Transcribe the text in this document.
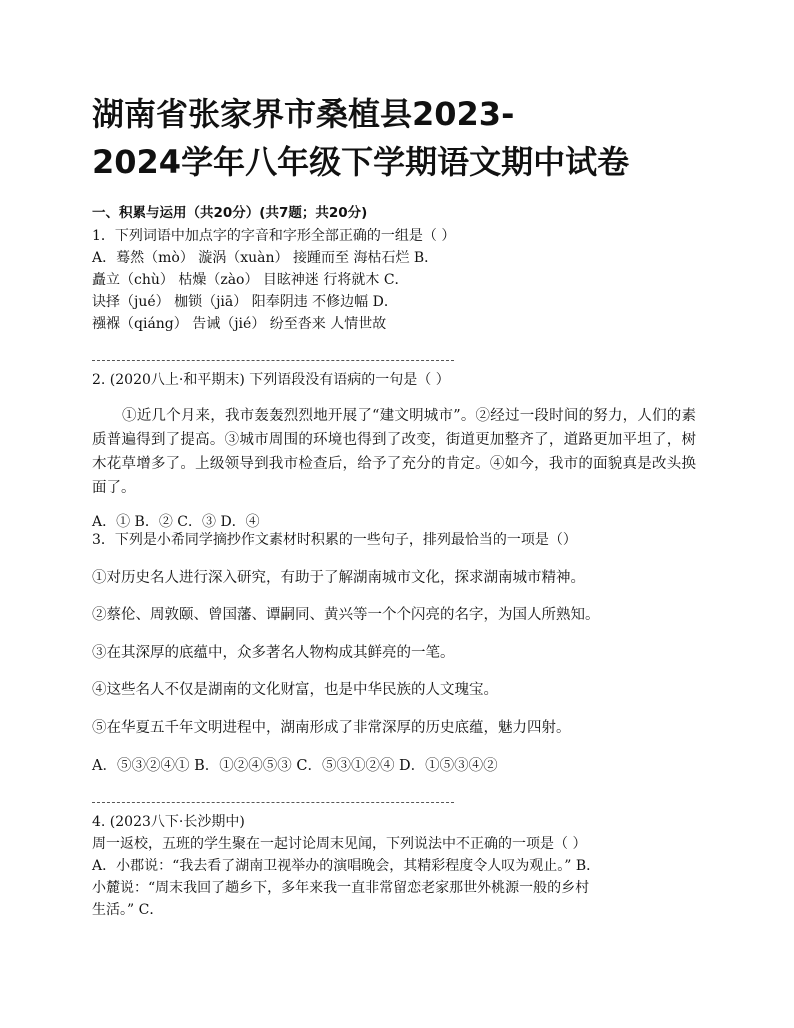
湖南省张家界市桑植县2023-
2024学年八年级下学期语文期中试卷
一、积累与运用（共20分）(共7题；共20分)
1．下列词语中加点字的字音和字形全部正确的一组是（ ）
A．蓦然（mò） 漩涡（xuàn） 接踵而至 海枯石烂 B．
矗立（chù） 枯燥（zào） 目眩神迷 行将就木 C．
诀择（jué） 枷锁（jiā） 阳奉阴违 不修边幅 D．
襁褓（qiáng） 告诫（jié） 纷至沓来 人情世故
2. (2020八上·和平期末) 下列语段没有语病的一句是（ ）
①近几个月来，我市轰轰烈烈地开展了“建文明城市”。②经过一段时间的努力，人们的素质普遍得到了提高。③城市周围的环境也得到了改变，街道更加整齐了，道路更加平坦了，树木花草增多了。上级领导到我市检查后，给予了充分的肯定。④如今，我市的面貌真是改头换面了。
A．① B．② C．③ D．④
3．下列是小希同学摘抄作文素材时积累的一些句子，排列最恰当的一项是（）
①对历史名人进行深入研究，有助于了解湖南城市文化，探求湖南城市精神。
②蔡伦、周敦颐、曾国藩、谭嗣同、黄兴等一个个闪亮的名字，为国人所熟知。
③在其深厚的底蕴中，众多著名人物构成其鲜亮的一笔。
④这些名人不仅是湖南的文化财富，也是中华民族的人文瑰宝。
⑤在华夏五千年文明进程中，湖南形成了非常深厚的历史底蕴，魅力四射。
A．⑤③②④① B．①②④⑤③ C．⑤③①②④ D．①⑤③④②
4. (2023八下·长沙期中)
周一返校，五班的学生聚在一起讨论周末见闻，下列说法中不正确的一项是（ ）
A．小郡说：“我去看了湖南卫视举办的演唱晚会，其精彩程度令人叹为观止。” B．
小麓说：“周末我回了趟乡下，多年来我一直非常留恋老家那世外桃源一般的乡村
生活。” C．
